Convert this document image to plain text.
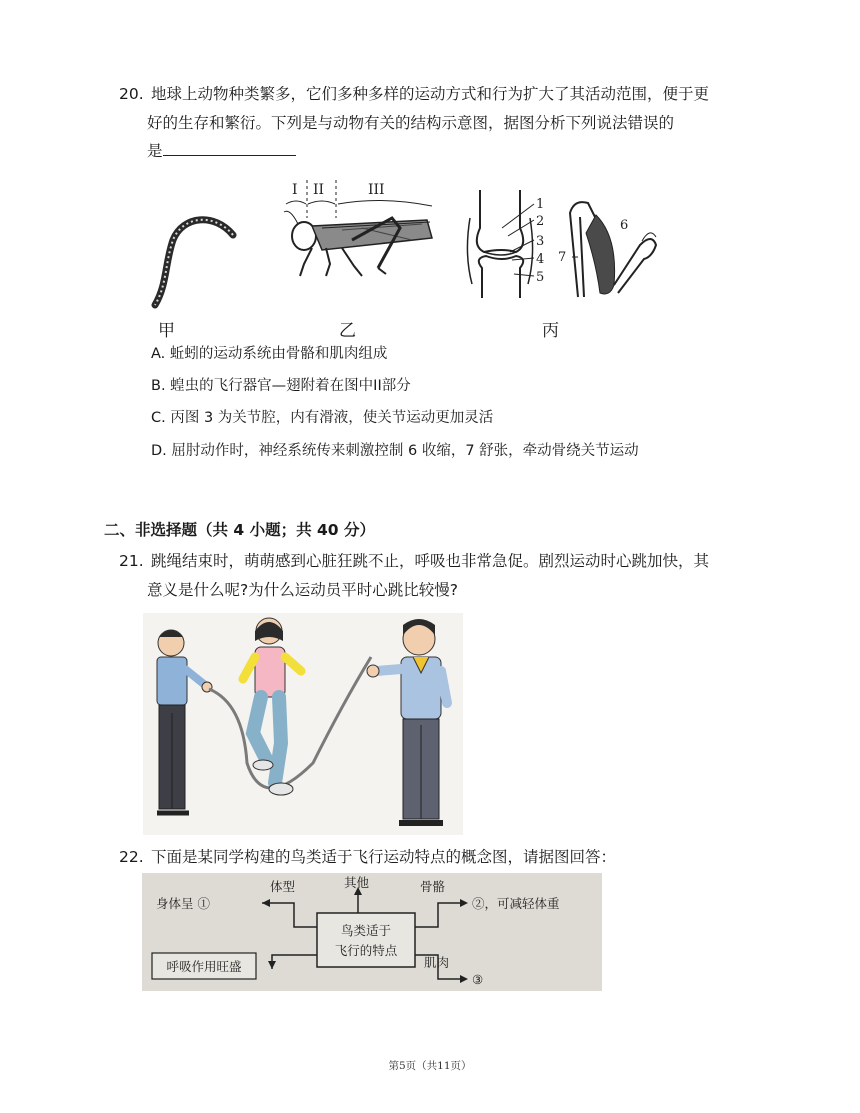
20. 地球上动物种类繁多，它们多种多样的运动方式和行为扩大了其活动范围，便于更
好的生存和繁衍。下列是与动物有关的结构示意图，据图分析下列说法错误的
是
I II	III
1
2
3
4
5
6
7
甲	乙	丙
A. 蚯蚓的运动系统由骨骼和肌肉组成
B. 蝗虫的飞行器官—翅附着在图中II部分
C. 丙图 3 为关节腔，内有滑液，使关节运动更加灵活
D. 屈肘动作时，神经系统传来刺激控制 6 收缩，7 舒张，牵动骨绕关节运动
二、非选择题（共 4 小题；共 40 分）
21. 跳绳结束时，萌萌感到心脏狂跳不止，呼吸也非常急促。剧烈运动时心跳加快，其
意义是什么呢?为什么运动员平时心跳比较慢?
22. 下面是某同学构建的鸟类适于飞行运动特点的概念图，请据图回答：
鸟类适于
飞行的特点
体型
身体呈 ①
其他	骨骼
②，可减轻体重
肌肉
③
呼吸作用旺盛
第5页（共11页）
